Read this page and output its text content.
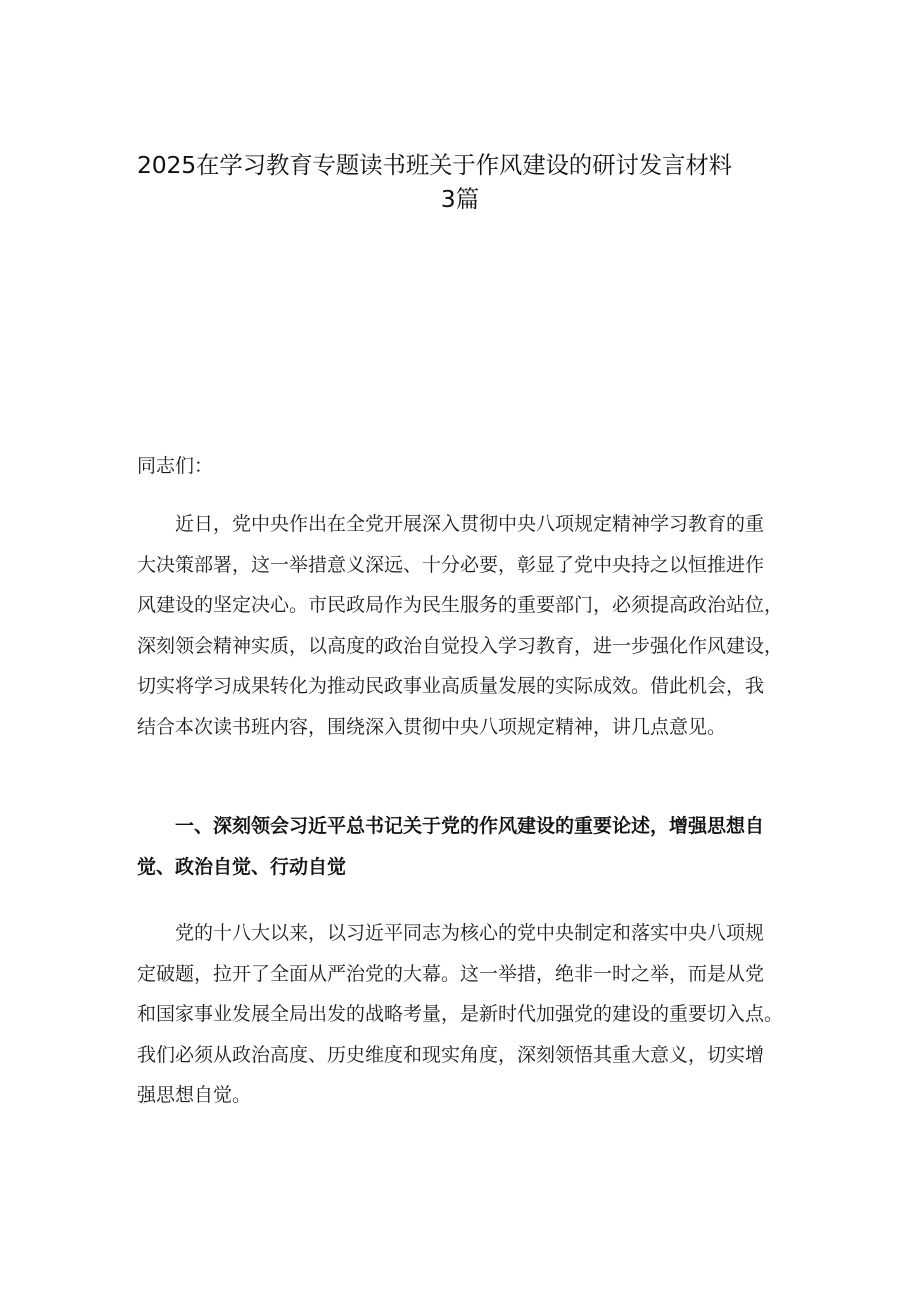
2025在学习教育专题读书班关于作风建设的研讨发言材料
3篇
同志们：
近日，党中央作出在全党开展深入贯彻中央八项规定精神学习教育的重
大决策部署，这一举措意义深远、十分必要，彰显了党中央持之以恒推进作
风建设的坚定决心。市民政局作为民生服务的重要部门，必须提高政治站位，
深刻领会精神实质，以高度的政治自觉投入学习教育，进一步强化作风建设，
切实将学习成果转化为推动民政事业高质量发展的实际成效。借此机会，我
结合本次读书班内容，围绕深入贯彻中央八项规定精神，讲几点意见。
一、深刻领会习近平总书记关于党的作风建设的重要论述，增强思想自
觉、政治自觉、行动自觉
党的十八大以来，以习近平同志为核心的党中央制定和落实中央八项规
定破题，拉开了全面从严治党的大幕。这一举措，绝非一时之举，而是从党
和国家事业发展全局出发的战略考量，是新时代加强党的建设的重要切入点。
我们必须从政治高度、历史维度和现实角度，深刻领悟其重大意义，切实增
强思想自觉。
